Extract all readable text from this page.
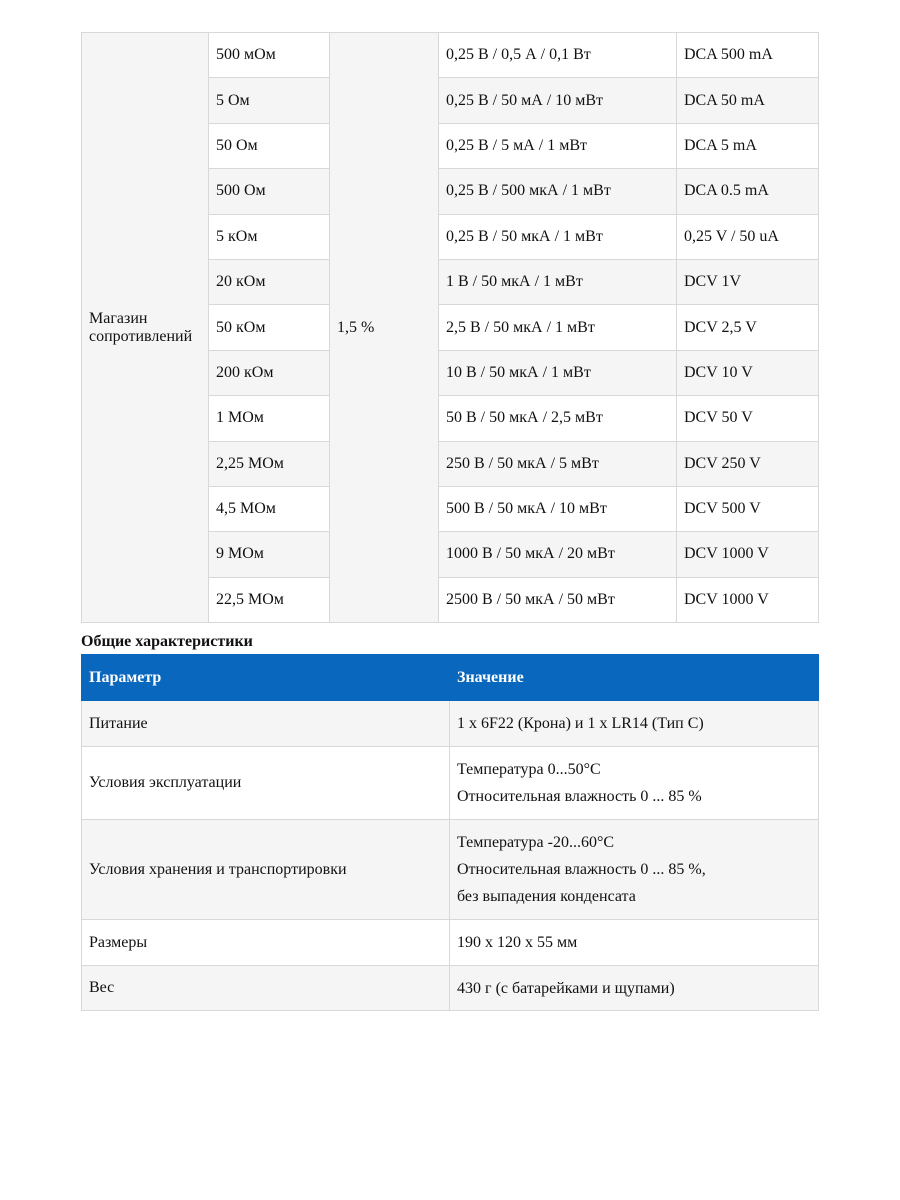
Магазин сопротивлений	500 мОм	1,5 %	0,25 В / 0,5 А / 0,1 Вт	DCA 500 mA
	5 Ом		0,25 В / 50 мА / 10 мВт	DCA 50 mA
	50 Ом		0,25 В / 5 мА / 1 мВт	DCA 5 mA
	500 Ом		0,25 В / 500 мкА / 1 мВт	DCA 0.5 mA
	5 кОм		0,25 В / 50 мкА / 1 мВт	0,25 V / 50 uA
	20 кОм		1 В / 50 мкА / 1 мВт	DCV 1V
	50 кОм		2,5 В / 50 мкА / 1 мВт	DCV 2,5 V
	200 кОм		10 В / 50 мкА / 1 мВт	DCV 10 V
	1 МОм		50 В / 50 мкА / 2,5 мВт	DCV 50 V
	2,25 МОм		250 В / 50 мкА / 5 мВт	DCV 250 V
	4,5 МОм		500 В / 50 мкА / 10 мВт	DCV 500 V
	9 МОм		1000 В / 50 мкА / 20 мВт	DCV 1000 V
	22,5 МОм		2500 В / 50 мкА / 50 мВт	DCV 1000 V
Общие характеристики
Параметр	Значение
Питание	1 х 6F22 (Крона) и 1 х LR14 (Тип С)

Условия эксплуатации	Температура 0...50°С
Относительная влажность 0 ... 85 %

Условия хранения и транспортировки	Температура -20...60°С
Относительная влажность 0 ... 85 %,
без выпадения конденсата

Размеры	190 х 120 х 55 мм

Вес	430 г (с батарейками и щупами)
